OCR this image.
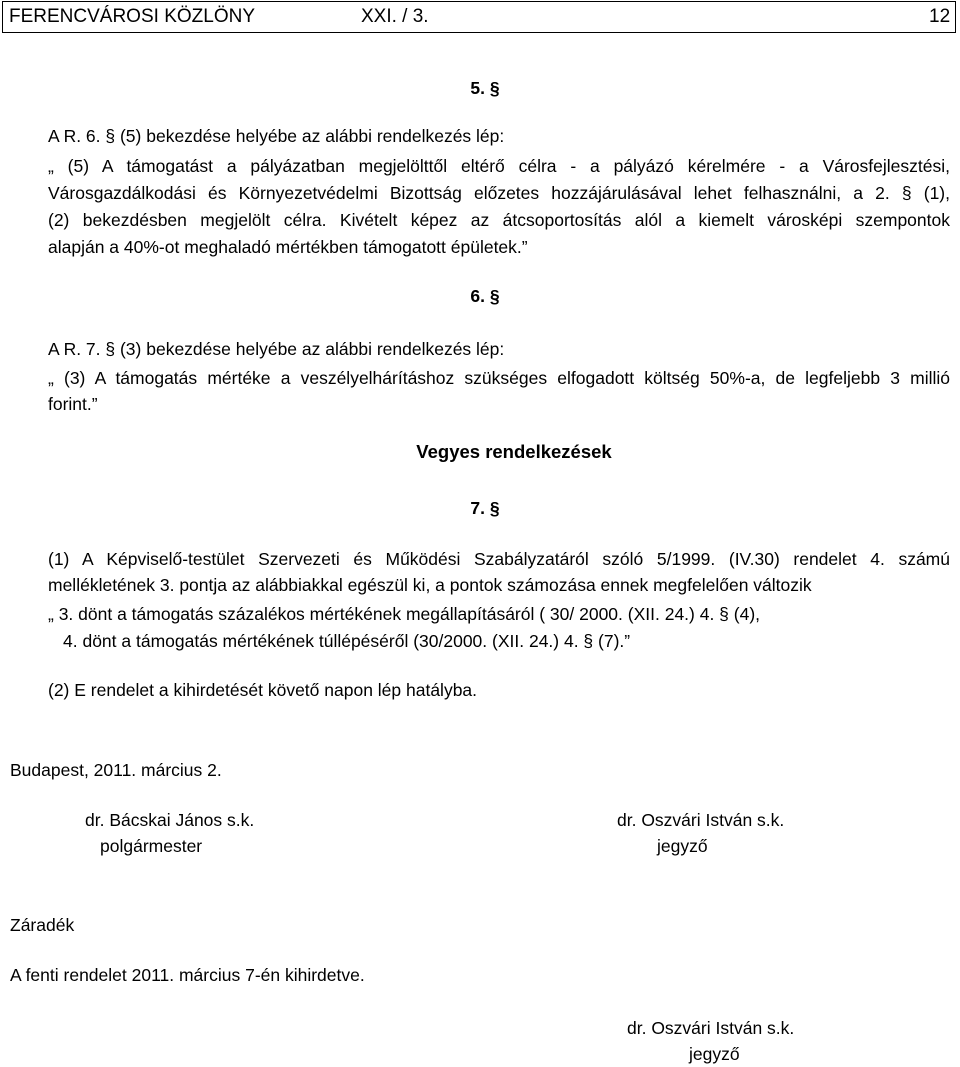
FERENCVÁROSI KÖZLÖNY	XXI. / 3.	12
5. §
A R. 6. § (5) bekezdése helyébe az alábbi rendelkezés lép:
„ (5) A támogatást a pályázatban megjelölttől eltérő célra - a pályázó kérelmére - a Városfejlesztési,
Városgazdálkodási és Környezetvédelmi Bizottság előzetes hozzájárulásával lehet felhasználni, a 2. § (1),
(2) bekezdésben megjelölt célra. Kivételt képez az átcsoportosítás alól a kiemelt városképi szempontok
alapján a 40%-ot meghaladó mértékben támogatott épületek.”
6. §
A R. 7. § (3) bekezdése helyébe az alábbi rendelkezés lép:
„ (3) A támogatás mértéke a veszélyelhárításhoz szükséges elfogadott költség 50%-a, de legfeljebb 3 millió
forint.”
Vegyes rendelkezések
7. §
(1) A Képviselő-testület Szervezeti és Működési Szabályzatáról szóló 5/1999. (IV.30) rendelet 4. számú
mellékletének 3. pontja az alábbiakkal egészül ki, a pontok számozása ennek megfelelően változik
„ 3. dönt a támogatás százalékos mértékének megállapításáról ( 30/ 2000. (XII. 24.) 4. § (4),
4. dönt a támogatás mértékének túllépéséről (30/2000. (XII. 24.) 4. § (7).”
(2) E rendelet a kihirdetését követő napon lép hatályba.
Budapest, 2011. március 2.
dr. Bácskai János s.k.
polgármester
dr. Oszvári István s.k.
jegyző
Záradék
A fenti rendelet 2011. március 7-én kihirdetve.
dr. Oszvári István s.k.
jegyző
